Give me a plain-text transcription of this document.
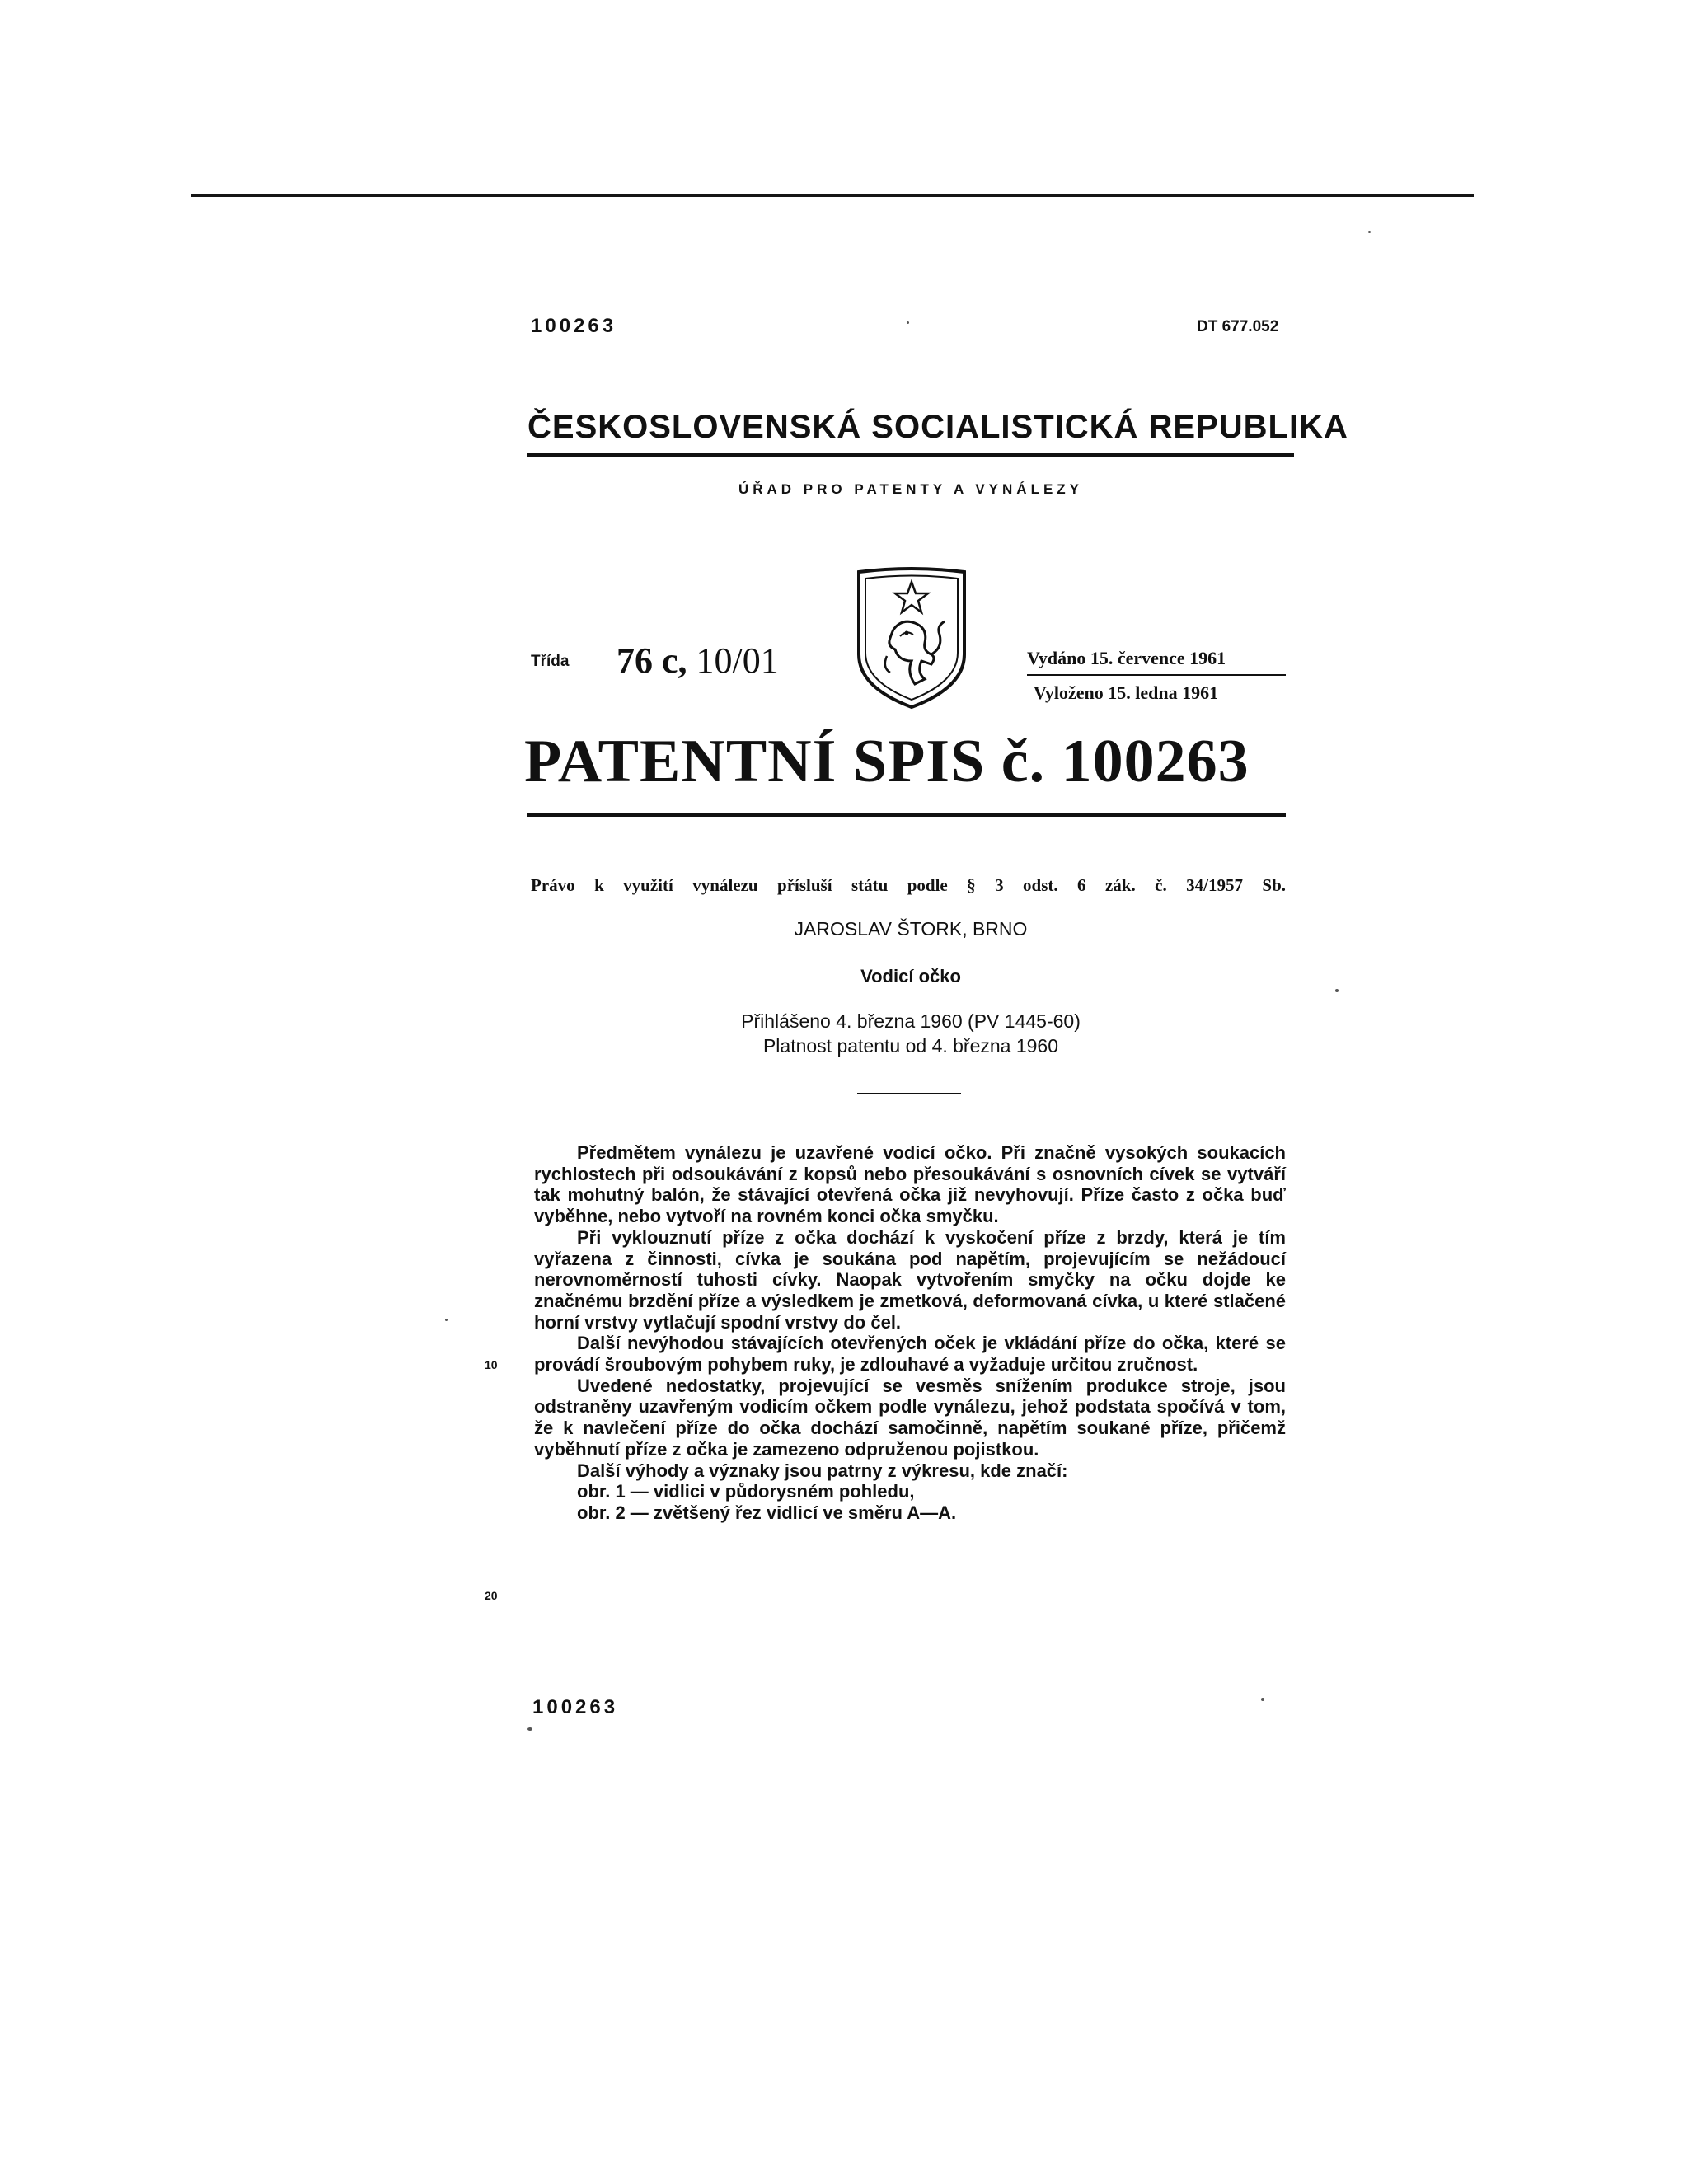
100263	DT 677.052
ČESKOSLOVENSKÁ SOCIALISTICKÁ REPUBLIKA
ÚŘAD PRO PATENTY A VYNÁLEZY
Třída 76 c, 10/01	Vydáno 15. července 1961
Vyloženo 15. ledna 1961
PATENTNÍ SPIS č. 100263
Právo k využití vynálezu přísluší státu podle § 3 odst. 6 zák. č. 34/1957 Sb.
JAROSLAV ŠTORK, BRNO
Vodicí očko
Přihlášeno 4. března 1960 (PV 1445-60)
Platnost patentu od 4. března 1960

Předmětem vynálezu je uzavřené vodicí očko. Při značně vysokých soukacích rychlostech při odsoukávání z kopsů nebo přesoukávání s osnovních cívek se vytváří tak mohutný balón, že stávající otevřená očka již nevyhovují. Příze často z očka buď vyběhne, nebo vytvoří na rovném konci očka smyčku.

Při vyklouznutí příze z očka dochází k vyskočení příze z brzdy, která je tím vyřazena z činnosti, cívka je soukána pod napětím, projevujícím se nežádoucí nerovnoměrností tuhosti cívky. Naopak vytvořením smyčky na očku dojde ke značnému brzdění příze a výsledkem je zmetková, deformovaná cívka, u které stlačené horní vrstvy vytlačují spodní vrstvy do čel.

Další nevýhodou stávajících otevřených oček je vkládání příze do očka, které se provádí šroubovým pohybem ruky, je zdlouhavé a vyžaduje určitou zručnost.

Uvedené nedostatky, projevující se vesměs snížením produkce stroje, jsou odstraněny uzavřeným vodicím očkem podle vynálezu, jehož podstata spočívá v tom, že k navlečení příze do očka dochází samočinně, napětím soukané příze, přičemž vyběhnutí příze z očka je zamezeno odpruženou pojistkou.

Další výhody a význaky jsou patrny z výkresu, kde značí:

obr. 1 — vidlici v půdorysném pohledu,

obr. 2 — zvětšený řez vidlicí ve směru A—A.

10
20
100263
